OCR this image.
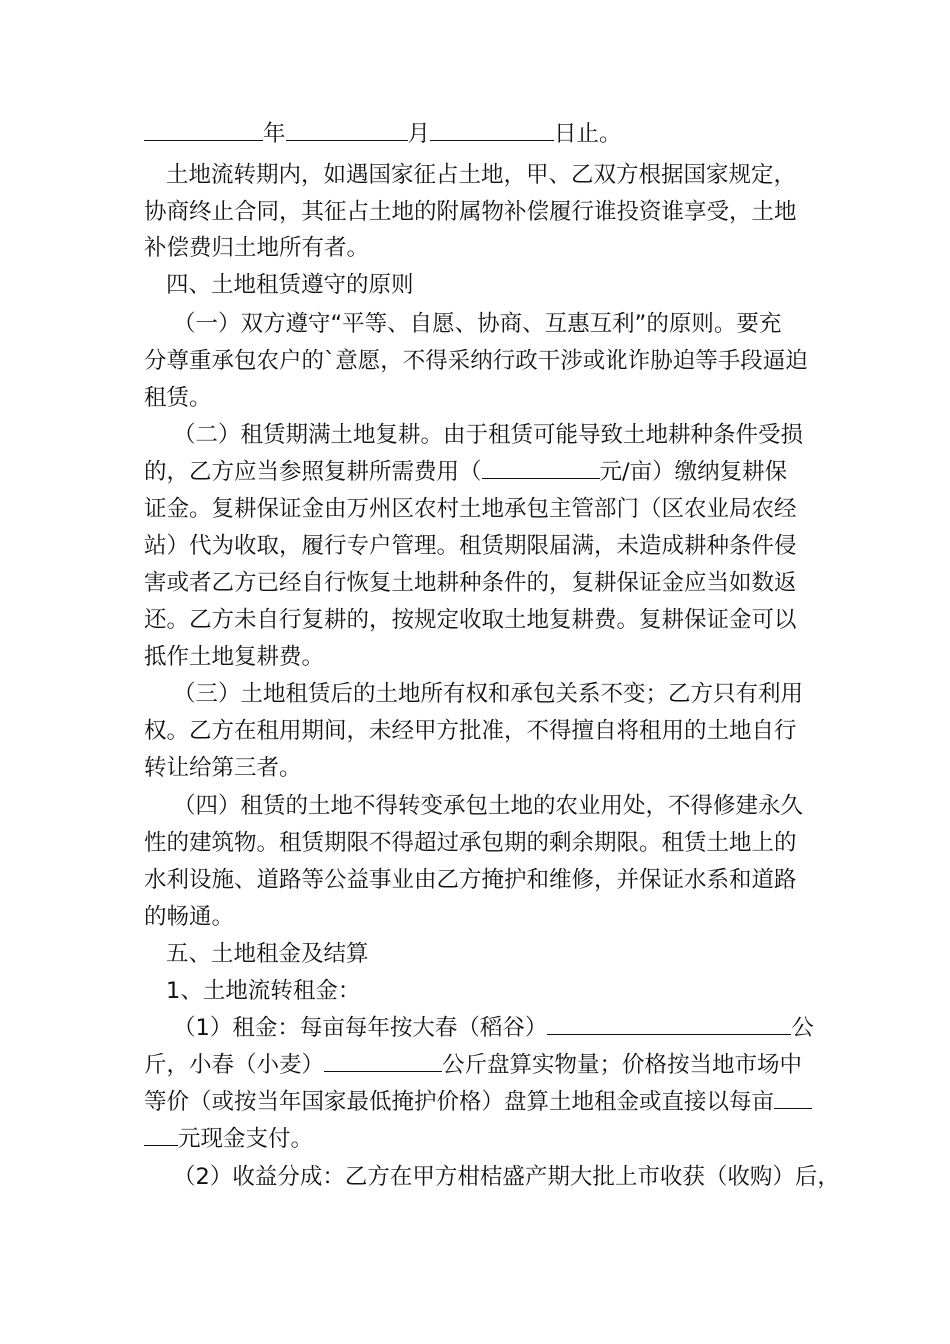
年	月	日止。
土地流转期内，如遇国家征占土地，甲、乙双方根据国家规定，
协商终止合同，其征占土地的附属物补偿履行谁投资谁享受，土地
补偿费归土地所有者。
四、土地租赁遵守的原则
（一）双方遵守“平等、自愿、协商、互惠互利”的原则。要充
分尊重承包农户的`意愿，不得采纳行政干涉或讹诈胁迫等手段逼迫
租赁。
（二）租赁期满土地复耕。由于租赁可能导致土地耕种条件受损
的，乙方应当参照复耕所需费用（	元/亩）缴纳复耕保
证金。复耕保证金由万州区农村土地承包主管部门（区农业局农经
站）代为收取，履行专户管理。租赁期限届满，未造成耕种条件侵
害或者乙方已经自行恢复土地耕种条件的，复耕保证金应当如数返
还。乙方未自行复耕的，按规定收取土地复耕费。复耕保证金可以
抵作土地复耕费。
（三）土地租赁后的土地所有权和承包关系不变；乙方只有利用
权。乙方在租用期间，未经甲方批准，不得擅自将租用的土地自行
转让给第三者。
（四）租赁的土地不得转变承包土地的农业用处，不得修建永久
性的建筑物。租赁期限不得超过承包期的剩余期限。租赁土地上的
水利设施、道路等公益事业由乙方掩护和维修，并保证水系和道路
的畅通。
五、土地租金及结算
1、土地流转租金：
（1）租金：每亩每年按大春（稻谷）	公
斤，小春（小麦）	公斤盘算实物量；价格按当地市场中
等价（或按当年国家最低掩护价格）盘算土地租金或直接以每亩
元现金支付。
（2）收益分成：乙方在甲方柑桔盛产期大批上市收获（收购）后，
